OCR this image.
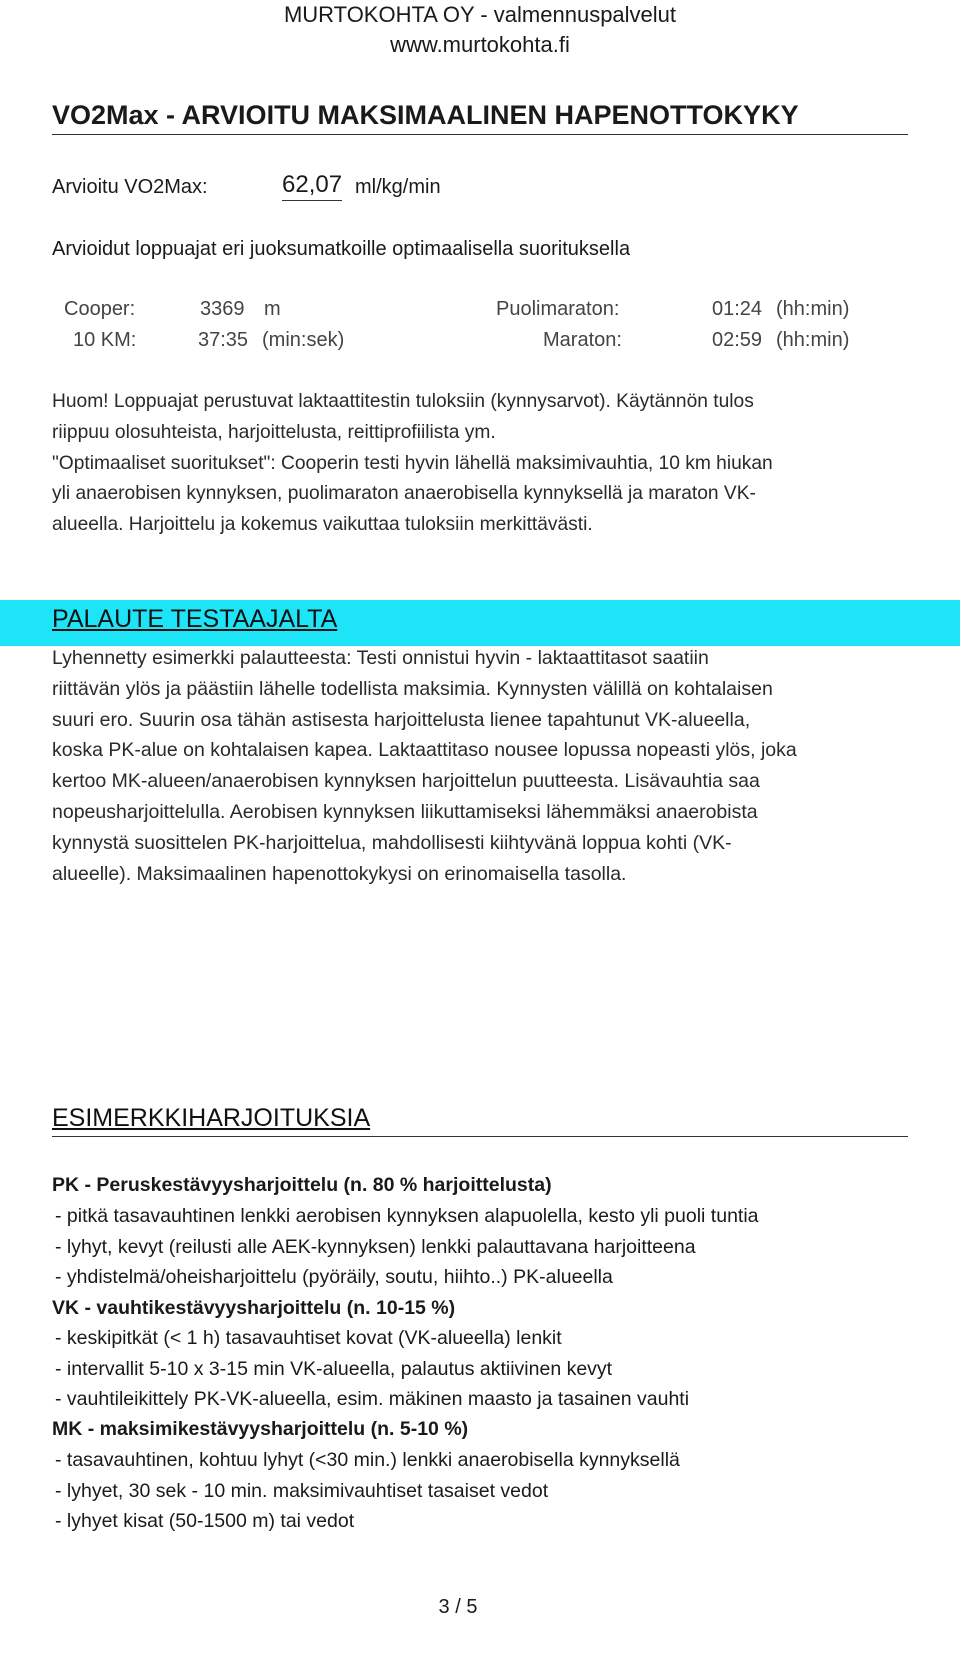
MURTOKOHTA OY - valmennuspalvelut
www.murtokohta.fi
VO2Max - ARVIOITU MAKSIMAALINEN HAPENOTTOKYKY
Arvioitu VO2Max:	62,07 ml/kg/min
Arvioidut loppuajat eri juoksumatkoille optimaalisella suorituksella
Cooper:	3369 m	Puolimaraton:	01:24 (hh:min)
10 KM:	37:35 (min:sek)	Maraton:	02:59 (hh:min)
Huom! Loppuajat perustuvat laktaattitestin tuloksiin (kynnysarvot). Käytännön tulos
riippuu olosuhteista, harjoittelusta, reittiprofiilista ym.
"Optimaaliset suoritukset": Cooperin testi hyvin lähellä maksimivauhtia, 10 km hiukan
yli anaerobisen kynnyksen, puolimaraton anaerobisella kynnyksellä ja maraton VK-
alueella. Harjoittelu ja kokemus vaikuttaa tuloksiin merkittävästi.
PALAUTE TESTAAJALTA
Lyhennetty esimerkki palautteesta: Testi onnistui hyvin - laktaattitasot saatiin
riittävän ylös ja päästiin lähelle todellista maksimia. Kynnysten välillä on kohtalaisen
suuri ero. Suurin osa tähän astisesta harjoittelusta lienee tapahtunut VK-alueella,
koska PK-alue on kohtalaisen kapea. Laktaattitaso nousee lopussa nopeasti ylös, joka
kertoo MK-alueen/anaerobisen kynnyksen harjoittelun puutteesta. Lisävauhtia saa
nopeusharjoittelulla. Aerobisen kynnyksen liikuttamiseksi lähemmäksi anaerobista
kynnystä suosittelen PK-harjoittelua, mahdollisesti kiihtyvänä loppua kohti (VK-
alueelle). Maksimaalinen hapenottokykysi on erinomaisella tasolla.
ESIMERKKIHARJOITUKSIA
PK - Peruskestävyysharjoittelu (n. 80 % harjoittelusta)
- pitkä tasavauhtinen lenkki aerobisen kynnyksen alapuolella, kesto yli puoli tuntia
- lyhyt, kevyt (reilusti alle AEK-kynnyksen) lenkki palauttavana harjoitteena
- yhdistelmä/oheisharjoittelu (pyöräily, soutu, hiihto..) PK-alueella
VK - vauhtikestävyysharjoittelu (n. 10-15 %)
- keskipitkät (< 1 h) tasavauhtiset kovat (VK-alueella) lenkit
- intervallit 5-10 x 3-15 min VK-alueella, palautus aktiivinen kevyt
- vauhtileikittely PK-VK-alueella, esim. mäkinen maasto ja tasainen vauhti
MK - maksimikestävyysharjoittelu (n. 5-10 %)
- tasavauhtinen, kohtuu lyhyt (<30 min.) lenkki anaerobisella kynnyksellä
- lyhyet, 30 sek - 10 min. maksimivauhtiset tasaiset vedot
- lyhyet kisat (50-1500 m) tai vedot
3 / 5
